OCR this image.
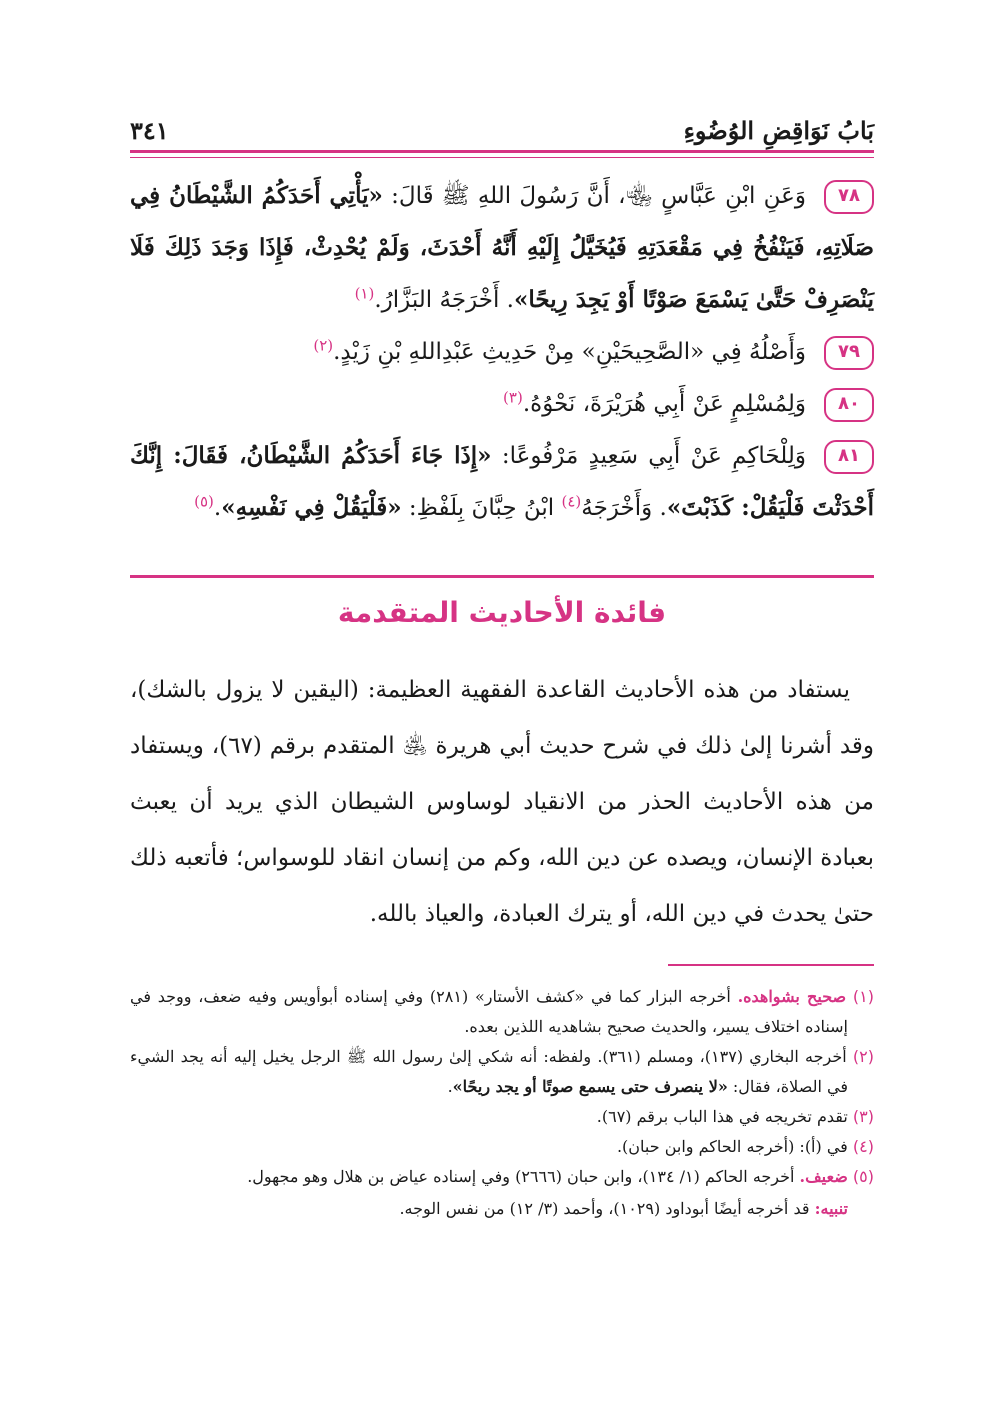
بَابُ نَوَاقِضِ الوُضُوءِ
٣٤١

٧٨وَعَنِ ابْنِ عَبَّاسٍ ﵄، أَنَّ رَسُولَ اللهِ ﷺ قَالَ: «يَأْتِي أَحَدَكُمُ الشَّيْطَانُ فِي صَلَاتِهِ، فَيَنْفُخُ فِي مَقْعَدَتِهِ فَيُخَيَّلُ إِلَيْهِ أَنَّهُ أَحْدَثَ، وَلَمْ يُحْدِثْ، فَإِذَا وَجَدَ ذَلِكَ فَلَا يَنْصَرِفْ حَتَّىٰ يَسْمَعَ صَوْتًا أَوْ يَجِدَ رِيحًا». أَخْرَجَهُ البَزَّارُ.$^{(١)}$

٧٩وَأَصْلُهُ فِي «الصَّحِيحَيْنِ» مِنْ حَدِيثِ عَبْدِاللهِ بْنِ زَيْدٍ.$^{(٢)}$

٨٠وَلِمُسْلِمٍ عَنْ أَبِي هُرَيْرَةَ، نَحْوُهُ.$^{(٣)}$

٨١وَلِلْحَاكِمِ عَنْ أَبِي سَعِيدٍ مَرْفُوعًا: «إِذَا جَاءَ أَحَدَكُمُ الشَّيْطَانُ، فَقَالَ: إِنَّكَ أَحْدَثْتَ فَلْيَقُلْ: كَذَبْتَ». وَأَخْرَجَهُ$^{(٤)}$ ابْنُ حِبَّانَ بِلَفْظِ: «فَلْيَقُلْ فِي نَفْسِهِ».$^{(٥)}$

فائدة الأحاديث المتقدمة

يستفاد من هذه الأحاديث القاعدة الفقهية العظيمة: (اليقين لا يزول بالشك)، وقد أشرنا إلىٰ ذلك في شرح حديث أبي هريرة ﵁ المتقدم برقم (٦٧)، ويستفاد من هذه الأحاديث الحذر من الانقياد لوساوس الشيطان الذي يريد أن يعبث بعبادة الإنسان، ويصده عن دين الله، وكم من إنسان انقاد للوسواس؛ فأتعبه ذلك حتىٰ يحدث في دين الله، أو يترك العبادة، والعياذ بالله.

(١) صحيح بشواهده. أخرجه البزار كما في «كشف الأستار» (٢٨١) وفي إسناده أبوأويس وفيه ضعف، ووجد في إسناده اختلاف يسير، والحديث صحيح بشاهديه اللذين بعده.

(٢) أخرجه البخاري (١٣٧)، ومسلم (٣٦١). ولفظه: أنه شكي إلىٰ رسول الله ﷺ الرجل يخيل إليه أنه يجد الشيء في الصلاة، فقال: «لا ينصرف حتى يسمع صوتًا أو يجد ريحًا».

(٣) تقدم تخريجه في هذا الباب برقم (٦٧).

(٤) في (أ): (أخرجه الحاكم وابن حبان).

(٥) ضعيف. أخرجه الحاكم (١/ ١٣٤)، وابن حبان (٢٦٦٦) وفي إسناده عياض بن هلال وهو مجهول.

تنبيه: قد أخرجه أيضًا أبوداود (١٠٢٩)، وأحمد (٣/ ١٢) من نفس الوجه.
